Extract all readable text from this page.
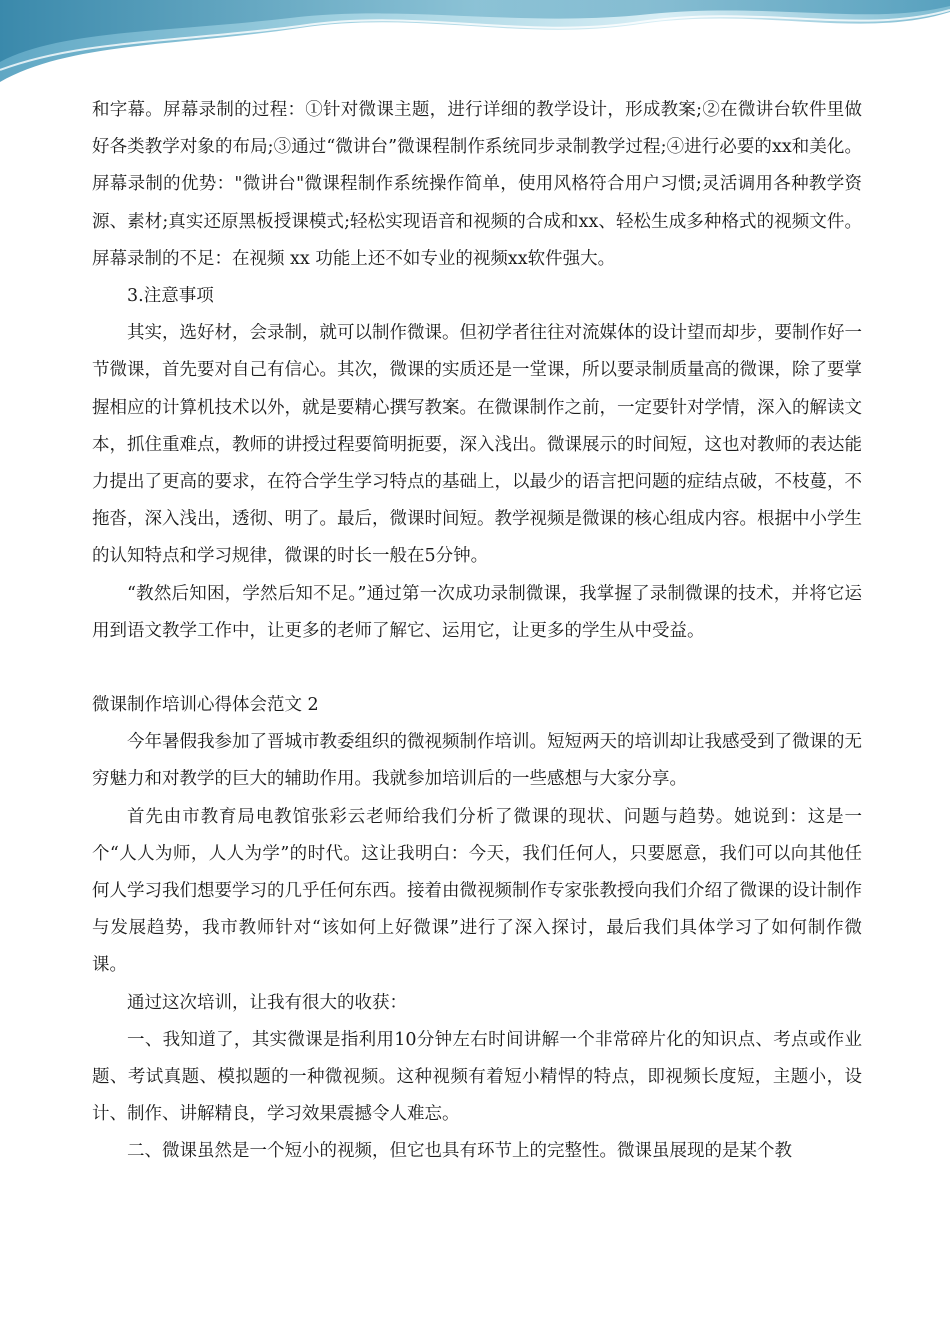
和字幕。屏幕录制的过程：①针对微课主题，进行详细的教学设计，形成教案;②在微讲台软件里做好各类教学对象的布局;③通过“微讲台”微课程制作系统同步录制教学过程;④进行必要的xx和美化。屏幕录制的优势："微讲台"微课程制作系统操作简单，使用风格符合用户习惯;灵活调用各种教学资源、素材;真实还原黑板授课模式;轻松实现语音和视频的合成和xx、轻松生成多种格式的视频文件。屏幕录制的不足：在视频 xx 功能上还不如专业的视频xx软件强大。

3.注意事项

其实，选好材，会录制，就可以制作微课。但初学者往往对流媒体的设计望而却步，要制作好一节微课，首先要对自己有信心。其次，微课的实质还是一堂课，所以要录制质量高的微课，除了要掌握相应的计算机技术以外，就是要精心撰写教案。在微课制作之前，一定要针对学情，深入的解读文本，抓住重难点，教师的讲授过程要简明扼要，深入浅出。微课展示的时间短，这也对教师的表达能力提出了更高的要求，在符合学生学习特点的基础上，以最少的语言把问题的症结点破，不枝蔓，不拖沓，深入浅出，透彻、明了。最后，微课时间短。教学视频是微课的核心组成内容。根据中小学生的认知特点和学习规律，微课的时长一般在5分钟。

“教然后知困，学然后知不足。”通过第一次成功录制微课，我掌握了录制微课的技术，并将它运用到语文教学工作中，让更多的老师了解它、运用它，让更多的学生从中受益。

微课制作培训心得体会范文 2

今年暑假我参加了晋城市教委组织的微视频制作培训。短短两天的培训却让我感受到了微课的无穷魅力和对教学的巨大的辅助作用。我就参加培训后的一些感想与大家分享。

首先由市教育局电教馆张彩云老师给我们分析了微课的现状、问题与趋势。她说到：这是一个“人人为师，人人为学”的时代。这让我明白：今天，我们任何人，只要愿意，我们可以向其他任何人学习我们想要学习的几乎任何东西。接着由微视频制作专家张教授向我们介绍了微课的设计制作与发展趋势，我市教师针对“该如何上好微课”进行了深入探讨，最后我们具体学习了如何制作微课。

通过这次培训，让我有很大的收获：

一、我知道了，其实微课是指利用10分钟左右时间讲解一个非常碎片化的知识点、考点或作业题、考试真题、模拟题的一种微视频。这种视频有着短小精悍的特点，即视频长度短，主题小，设计、制作、讲解精良，学习效果震撼令人难忘。

二、微课虽然是一个短小的视频，但它也具有环节上的完整性。微课虽展现的是某个教
